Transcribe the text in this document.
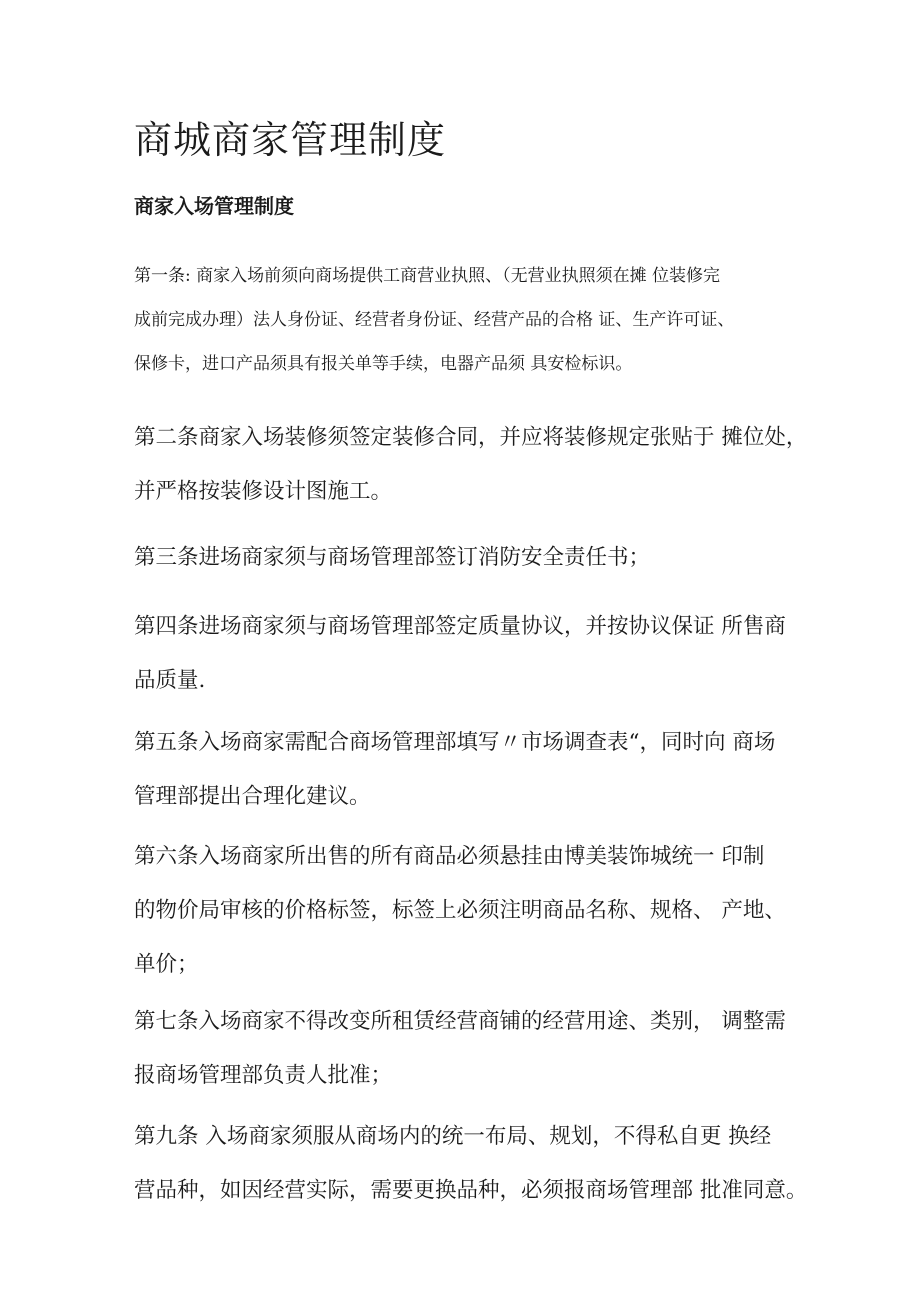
商城商家管理制度
商家入场管理制度

第一条: 商家入场前须向商场提供工商营业执照、（无营业执照须在摊 位装修完
成前完成办理）法人身份证、经营者身份证、经营产品的合格 证、生产许可证、
保修卡，进口产品须具有报关单等手续，电器产品须 具安检标识。

第二条商家入场装修须签定装修合同，并应将装修规定张贴于 摊位处，
并严格按装修设计图施工。

第三条进场商家须与商场管理部签订消防安全责任书；

第四条进场商家须与商场管理部签定质量协议，并按协议保证 所售商
品质量.

第五条入场商家需配合商场管理部填写〃市场调查表“，同时向 商场
管理部提出合理化建议。

第六条入场商家所出售的所有商品必须悬挂由博美装饰城统一 印制
的物价局审核的价格标签，标签上必须注明商品名称、规格、 产地、
单价；

第七条入场商家不得改变所租赁经营商铺的经营用途、类别， 调整需
报商场管理部负责人批准；

第九条 入场商家须服从商场内的统一布局、规划，不得私自更 换经
营品种，如因经营实际，需要更换品种，必须报商场管理部 批准同意。
